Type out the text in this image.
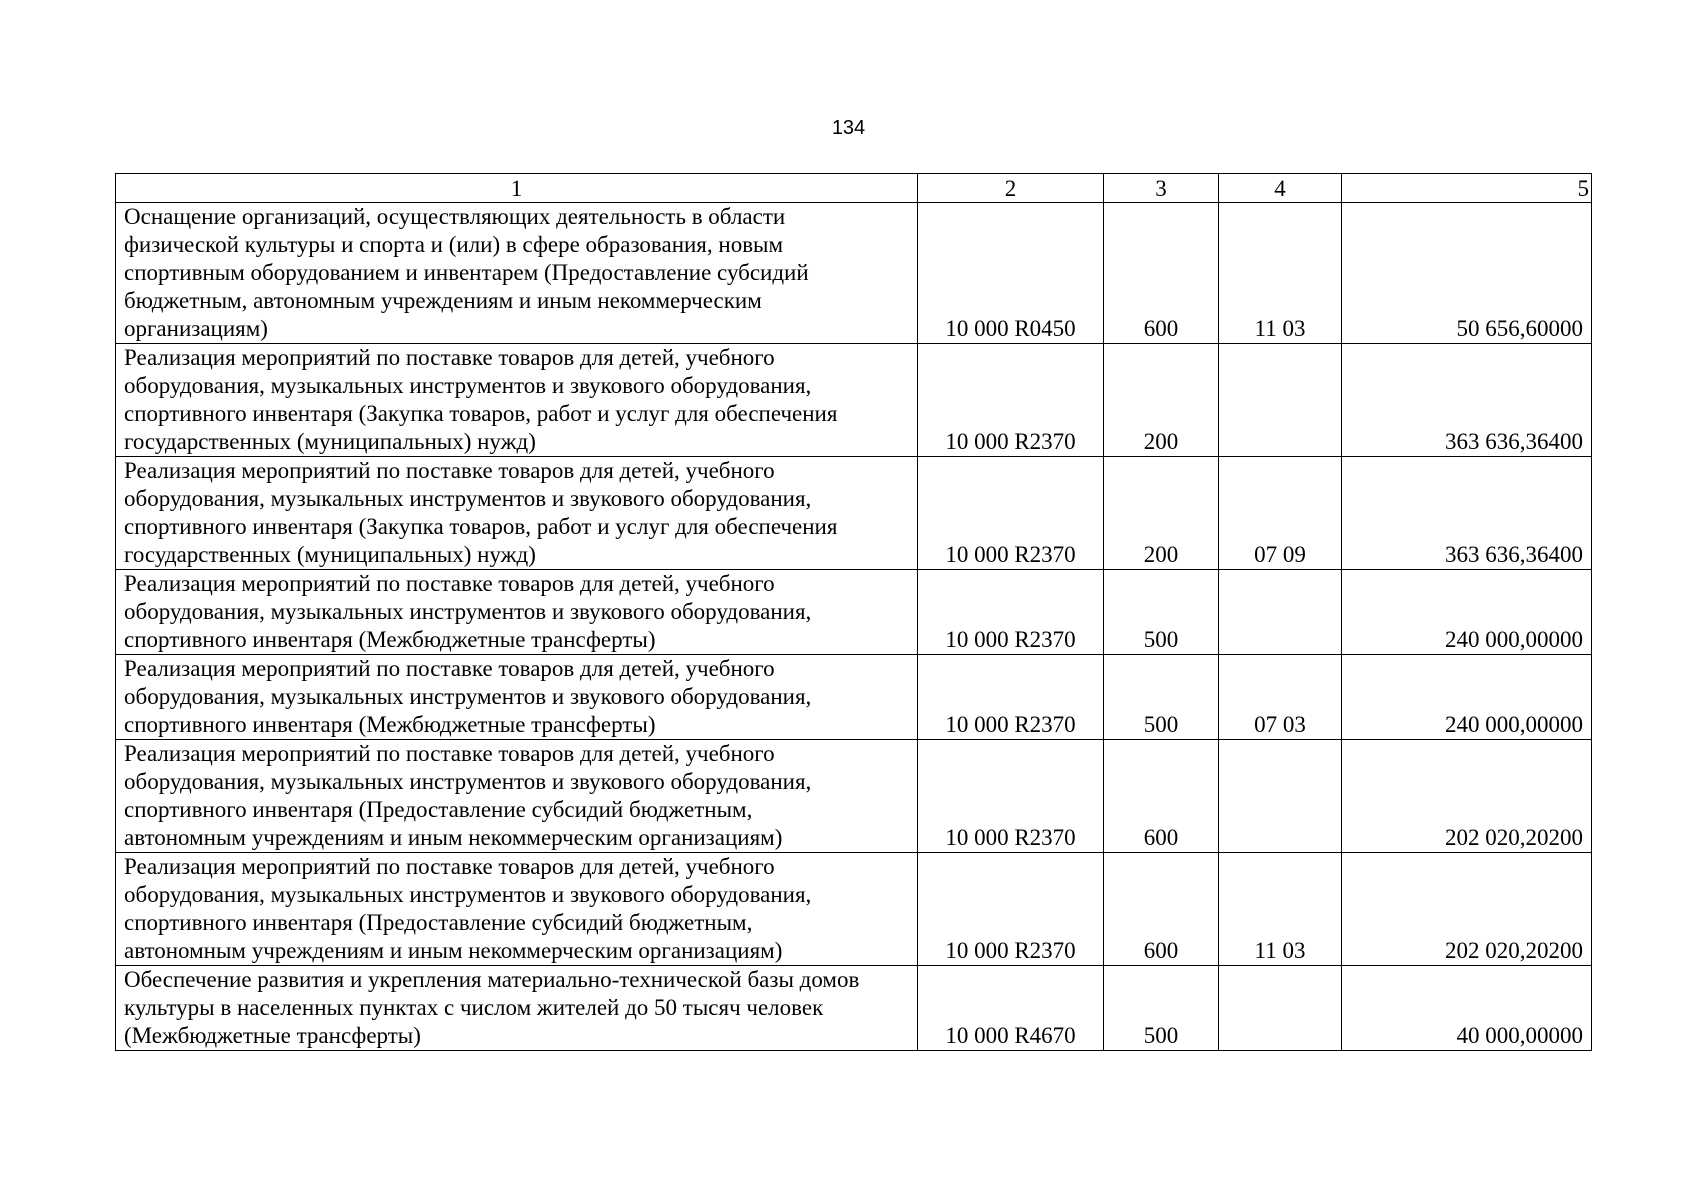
134
1	2	3	4	5
Оснащение организаций, осуществляющих деятельность в области
физической культуры и спорта и (или) в сфере образования, новым
спортивным оборудованием и инвентарем (Предоставление субсидий
бюджетным, автономным учреждениям и иным некоммерческим
организациям)	10 000 R0450	600	11 03	50 656,60000
Реализация мероприятий по поставке товаров для детей, учебного
оборудования, музыкальных инструментов и звукового оборудования,
спортивного инвентаря (Закупка товаров, работ и услуг для обеспечения
государственных (муниципальных) нужд)	10 000 R2370	200		363 636,36400
Реализация мероприятий по поставке товаров для детей, учебного
оборудования, музыкальных инструментов и звукового оборудования,
спортивного инвентаря (Закупка товаров, работ и услуг для обеспечения
государственных (муниципальных) нужд)	10 000 R2370	200	07 09	363 636,36400
Реализация мероприятий по поставке товаров для детей, учебного
оборудования, музыкальных инструментов и звукового оборудования,
спортивного инвентаря (Межбюджетные трансферты)	10 000 R2370	500		240 000,00000
Реализация мероприятий по поставке товаров для детей, учебного
оборудования, музыкальных инструментов и звукового оборудования,
спортивного инвентаря (Межбюджетные трансферты)	10 000 R2370	500	07 03	240 000,00000
Реализация мероприятий по поставке товаров для детей, учебного
оборудования, музыкальных инструментов и звукового оборудования,
спортивного инвентаря (Предоставление субсидий бюджетным,
автономным учреждениям и иным некоммерческим организациям)	10 000 R2370	600		202 020,20200
Реализация мероприятий по поставке товаров для детей, учебного
оборудования, музыкальных инструментов и звукового оборудования,
спортивного инвентаря (Предоставление субсидий бюджетным,
автономным учреждениям и иным некоммерческим организациям)	10 000 R2370	600	11 03	202 020,20200
Обеспечение развития и укрепления материально-технической базы домов
культуры в населенных пунктах с числом жителей до 50 тысяч человек
(Межбюджетные трансферты)	10 000 R4670	500		40 000,00000
